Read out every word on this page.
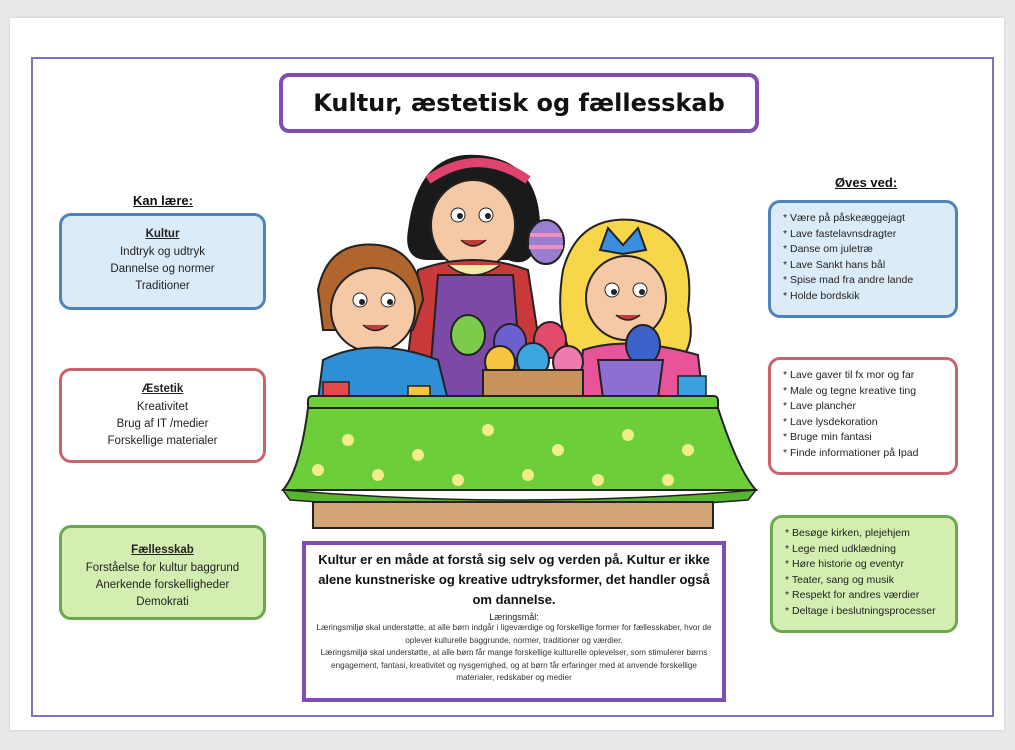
Kultur, æstetisk og fællesskab
Kan lære:
Øves ved:
Kultur
Indtryk og udtryk
Dannelse og normer
Traditioner
Æstetik
Kreativitet
Brug af IT /medier
Forskellige materialer
Fællesskab
Forståelse for kultur baggrund
Anerkende forskelligheder
Demokrati
* Være på påskeæggejagt
* Lave fastelavnsdragter
* Danse om juletræ
* Lave Sankt hans bål
* Spise mad fra andre lande
* Holde bordskik
* Lave gaver til fx mor og far
* Male og tegne kreative ting
* Lave plancher
* Lave lysdekoration
* Bruge min fantasi
* Finde informationer på Ipad
* Besøge kirken, plejehjem
* Lege med udklædning
* Høre historie og eventyr
* Teater, sang og musik
* Respekt for andres værdier
* Deltage i beslutningsprocesser
Kultur er en måde at forstå sig selv og verden på. Kultur er ikke alene kunstneriske og kreative udtryksformer, det handler også om dannelse.
Læringsmål:
Læringsmiljø skal understøtte, at alle børn indgår i ligeværdige og forskellige former for fællesskaber, hvor de oplever kulturelle baggrunde, normer, traditioner og værdier.
Læringsmiljø skal understøtte, at alle børn får mange forskellige kulturelle oplevelser, som stimulerer børns engagement, fantasi, kreativitet og nysgerrighed, og at børn får erfaringer med at anvende forskellige materialer, redskaber og medier
